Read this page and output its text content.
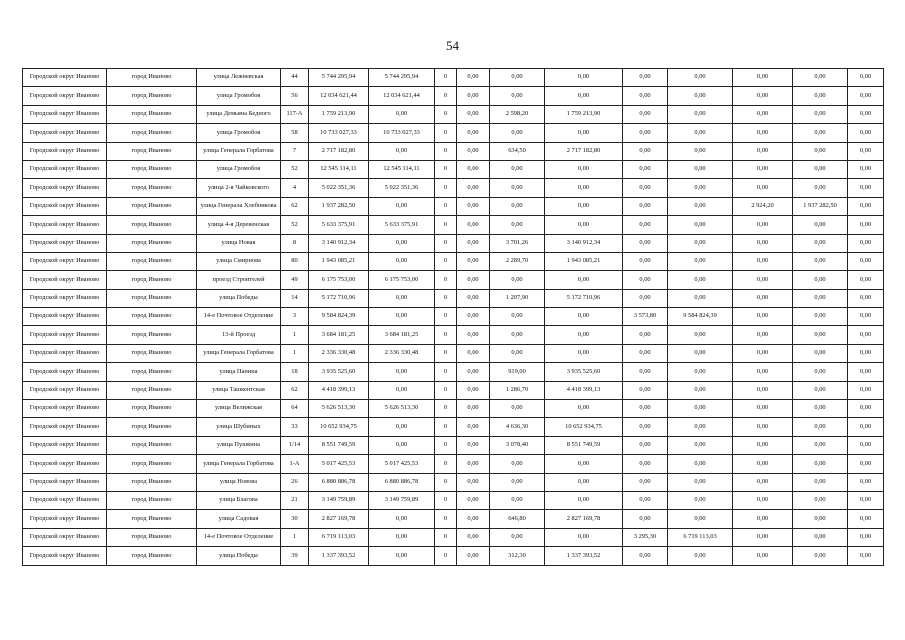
54
Городской округ Иваново	город Иваново	улица Лежневская	44	5 744 295,94	5 744 295,94	0	0,00	0,00	0,00	0,00	0,00	0,00	0,00	0,00
Городской округ Иваново	город Иваново	улица Громобоя	56	12 034 621,44	12 034 621,44	0	0,00	0,00	0,00	0,00	0,00	0,00	0,00	0,00
Городской округ Иваново	город Иваново	улица Демьяна Бедного	117-А	1 759 213,90	0,00	0	0,00	2 598,20	1 759 213,90	0,00	0,00	0,00	0,00	0,00
Городской округ Иваново	город Иваново	улица Громобоя	58	10 733 027,33	10 733 027,33	0	0,00	0,00	0,00	0,00	0,00	0,00	0,00	0,00
Городской округ Иваново	город Иваново	улица Генерала Горбатова	7	2 717 182,80	0,00	0	0,00	634,50	2 717 182,80	0,00	0,00	0,00	0,00	0,00
Городской округ Иваново	город Иваново	улица Громобоя	52	12 545 114,11	12 545 114,11	0	0,00	0,00	0,00	0,00	0,00	0,00	0,00	0,00
Городской округ Иваново	город Иваново	улица 2-я Чайковского	4	5 022 351,36	5 022 351,36	0	0,00	0,00	0,00	0,00	0,00	0,00	0,00	0,00
Городской округ Иваново	город Иваново	улица Генерала Хлебникова	62	1 937 282,50	0,00	0	0,00	0,00	0,00	0,00	0,00	2 924,20	1 937 282,50	0,00
Городской округ Иваново	город Иваново	улица 4-я Деревенская	52	5 633 375,91	5 633 375,91	0	0,00	0,00	0,00	0,00	0,00	0,00	0,00	0,00
Городской округ Иваново	город Иваново	улица Новая	8	3 140 912,34	0,00	0	0,00	3 701,26	3 140 912,34	0,00	0,00	0,00	0,00	0,00
Городской округ Иваново	город Иваново	улица Смирнова	80	1 943 085,21	0,00	0	0,00	2 289,70	1 943 085,21	0,00	0,00	0,00	0,00	0,00
Городской округ Иваново	город Иваново	проезд Строителей	49	6 175 753,00	6 175 753,00	0	0,00	0,00	0,00	0,00	0,00	0,00	0,00	0,00
Городской округ Иваново	город Иваново	улица Победы	14	5 172 710,96	0,00	0	0,00	1 207,90	5 172 710,96	0,00	0,00	0,00	0,00	0,00
Городской округ Иваново	город Иваново	14-е Почтовое Отделение	3	9 584 824,39	0,00	0	0,00	0,00	0,00	3 573,80	9 584 824,39	0,00	0,00	0,00
Городской округ Иваново	город Иваново	13-й Проезд	1	3 684 181,25	3 684 181,25	0	0,00	0,00	0,00	0,00	0,00	0,00	0,00	0,00
Городской округ Иваново	город Иваново	улица Генерала Горбатова	1	2 336 330,48	2 336 330,48	0	0,00	0,00	0,00	0,00	0,00	0,00	0,00	0,00
Городской округ Иваново	город Иваново	улица Панина	18	3 935 525,60	0,00	0	0,00	919,00	3 935 525,60	0,00	0,00	0,00	0,00	0,00
Городской округ Иваново	город Иваново	улица Ташкентская	62	4 418 399,13	0,00	0	0,00	1 286,70	4 418 399,13	0,00	0,00	0,00	0,00	0,00
Городской округ Иваново	город Иваново	улица Велижская	64	5 626 513,30	5 626 513,30	0	0,00	0,00	0,00	0,00	0,00	0,00	0,00	0,00
Городской округ Иваново	город Иваново	улица Шубиных	33	10 652 934,75	0,00	0	0,00	4 636,30	10 652 934,75	0,00	0,00	0,00	0,00	0,00
Городской округ Иваново	город Иваново	улица Пушкина	1/14	8 551 749,59	0,00	0	0,00	3 078,40	8 551 749,59	0,00	0,00	0,00	0,00	0,00
Городской округ Иваново	город Иваново	улица Генерала Горбатова	1-А	5 017 425,53	5 017 425,53	0	0,00	0,00	0,00	0,00	0,00	0,00	0,00	0,00
Городской округ Иваново	город Иваново	улица Новова	26	6 880 886,78	6 880 886,78	0	0,00	0,00	0,00	0,00	0,00	0,00	0,00	0,00
Городской округ Иваново	город Иваново	улица Благова	21	3 149 759,89	3 149 759,89	0	0,00	0,00	0,00	0,00	0,00	0,00	0,00	0,00
Городской округ Иваново	город Иваново	улица Садовая	30	2 827 169,78	0,00	0	0,00	646,80	2 827 169,78	0,00	0,00	0,00	0,00	0,00
Городской округ Иваново	город Иваново	14-е Почтовое Отделение	1	6 719 113,03	0,00	0	0,00	0,00	0,00	3 295,30	6 719 113,03	0,00	0,00	0,00
Городской округ Иваново	город Иваново	улица Победы	39	1 337 393,52	0,00	0	0,00	312,30	1 337 393,52	0,00	0,00	0,00	0,00	0,00
